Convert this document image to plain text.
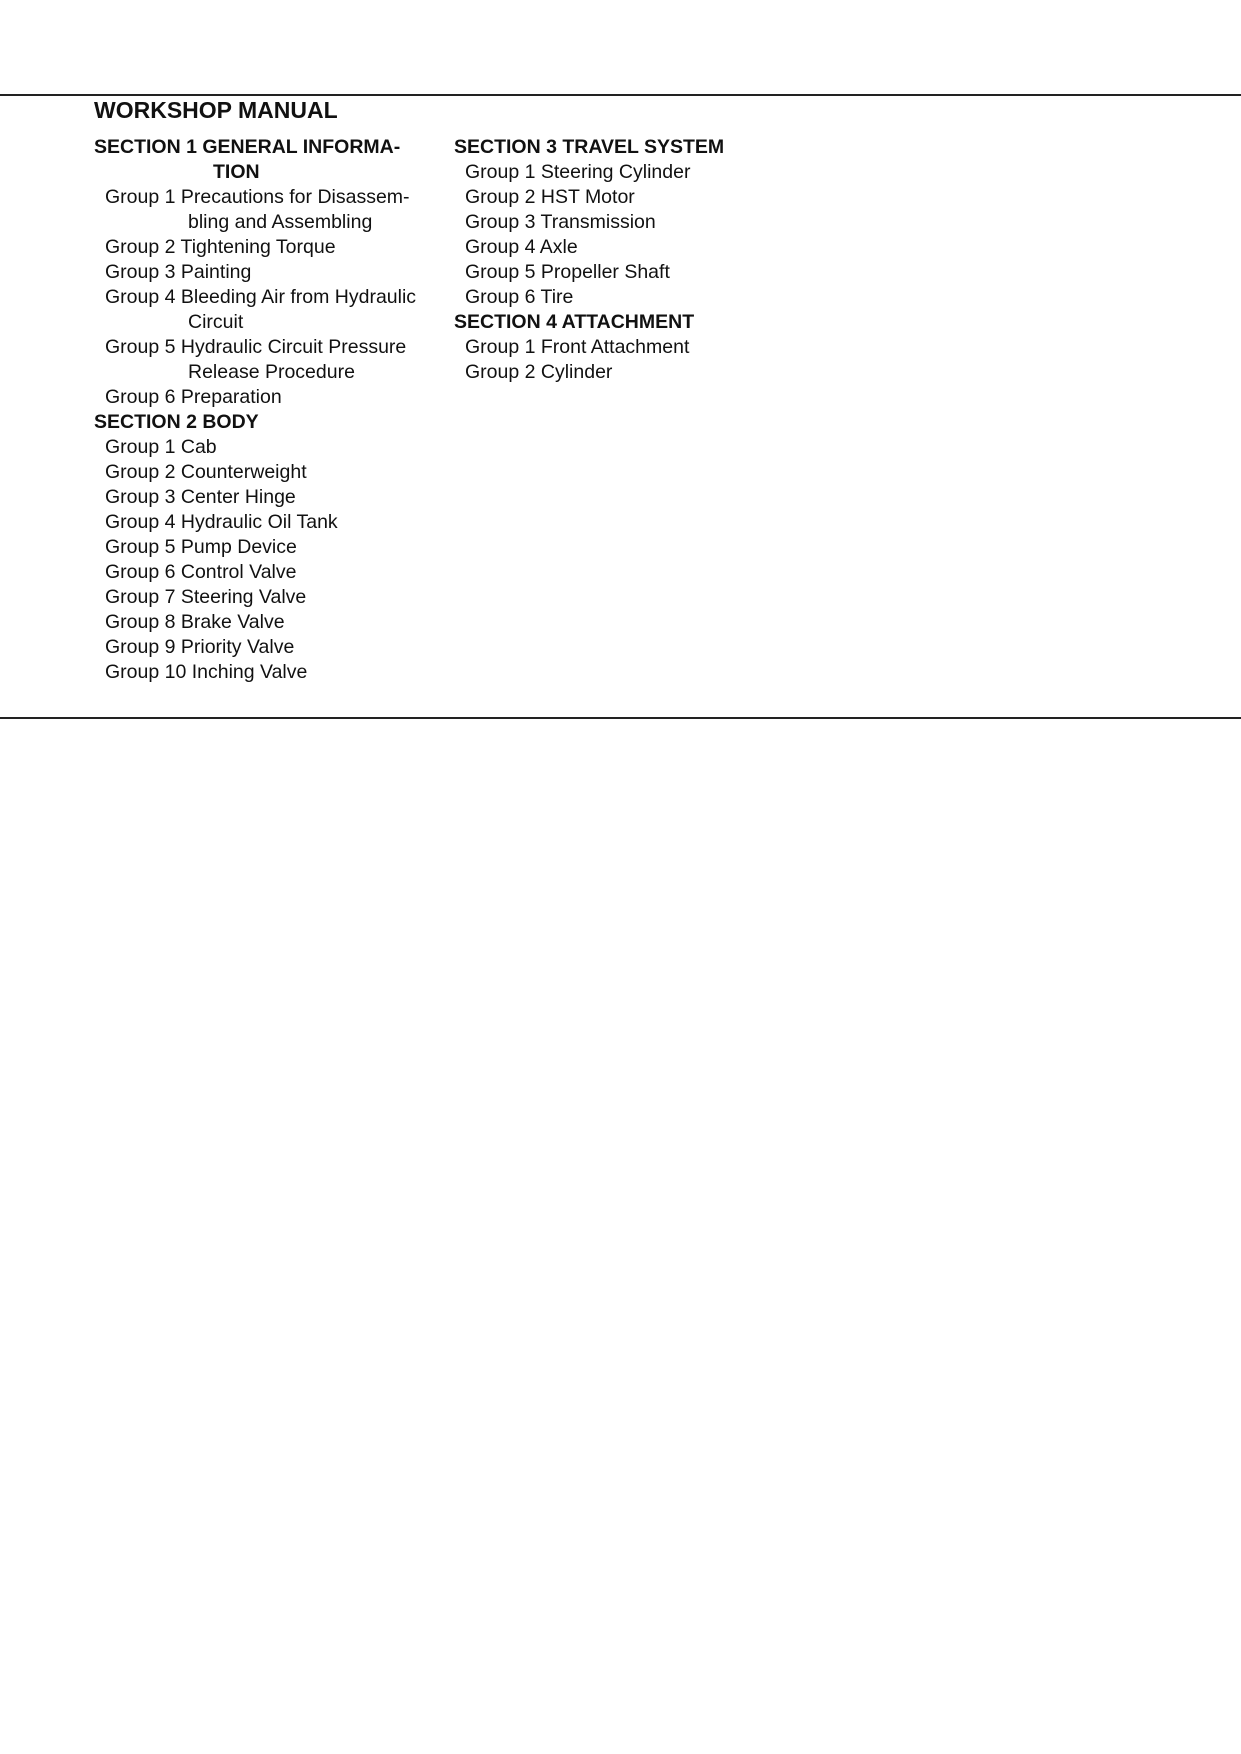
WORKSHOP MANUAL
SECTION 1 GENERAL INFORMA-
TION
Group 1 Precautions for Disassem-
bling and Assembling
Group 2 Tightening Torque
Group 3 Painting
Group 4 Bleeding Air from Hydraulic
Circuit
Group 5 Hydraulic Circuit Pressure
Release Procedure
Group 6 Preparation
SECTION 2 BODY
Group 1 Cab
Group 2 Counterweight
Group 3 Center Hinge
Group 4 Hydraulic Oil Tank
Group 5 Pump Device
Group 6 Control Valve
Group 7 Steering Valve
Group 8 Brake Valve
Group 9 Priority Valve
Group 10 Inching Valve
SECTION 3 TRAVEL SYSTEM
Group 1 Steering Cylinder
Group 2 HST Motor
Group 3 Transmission
Group 4 Axle
Group 5 Propeller Shaft
Group 6 Tire
SECTION 4 ATTACHMENT
Group 1 Front Attachment
Group 2 Cylinder
